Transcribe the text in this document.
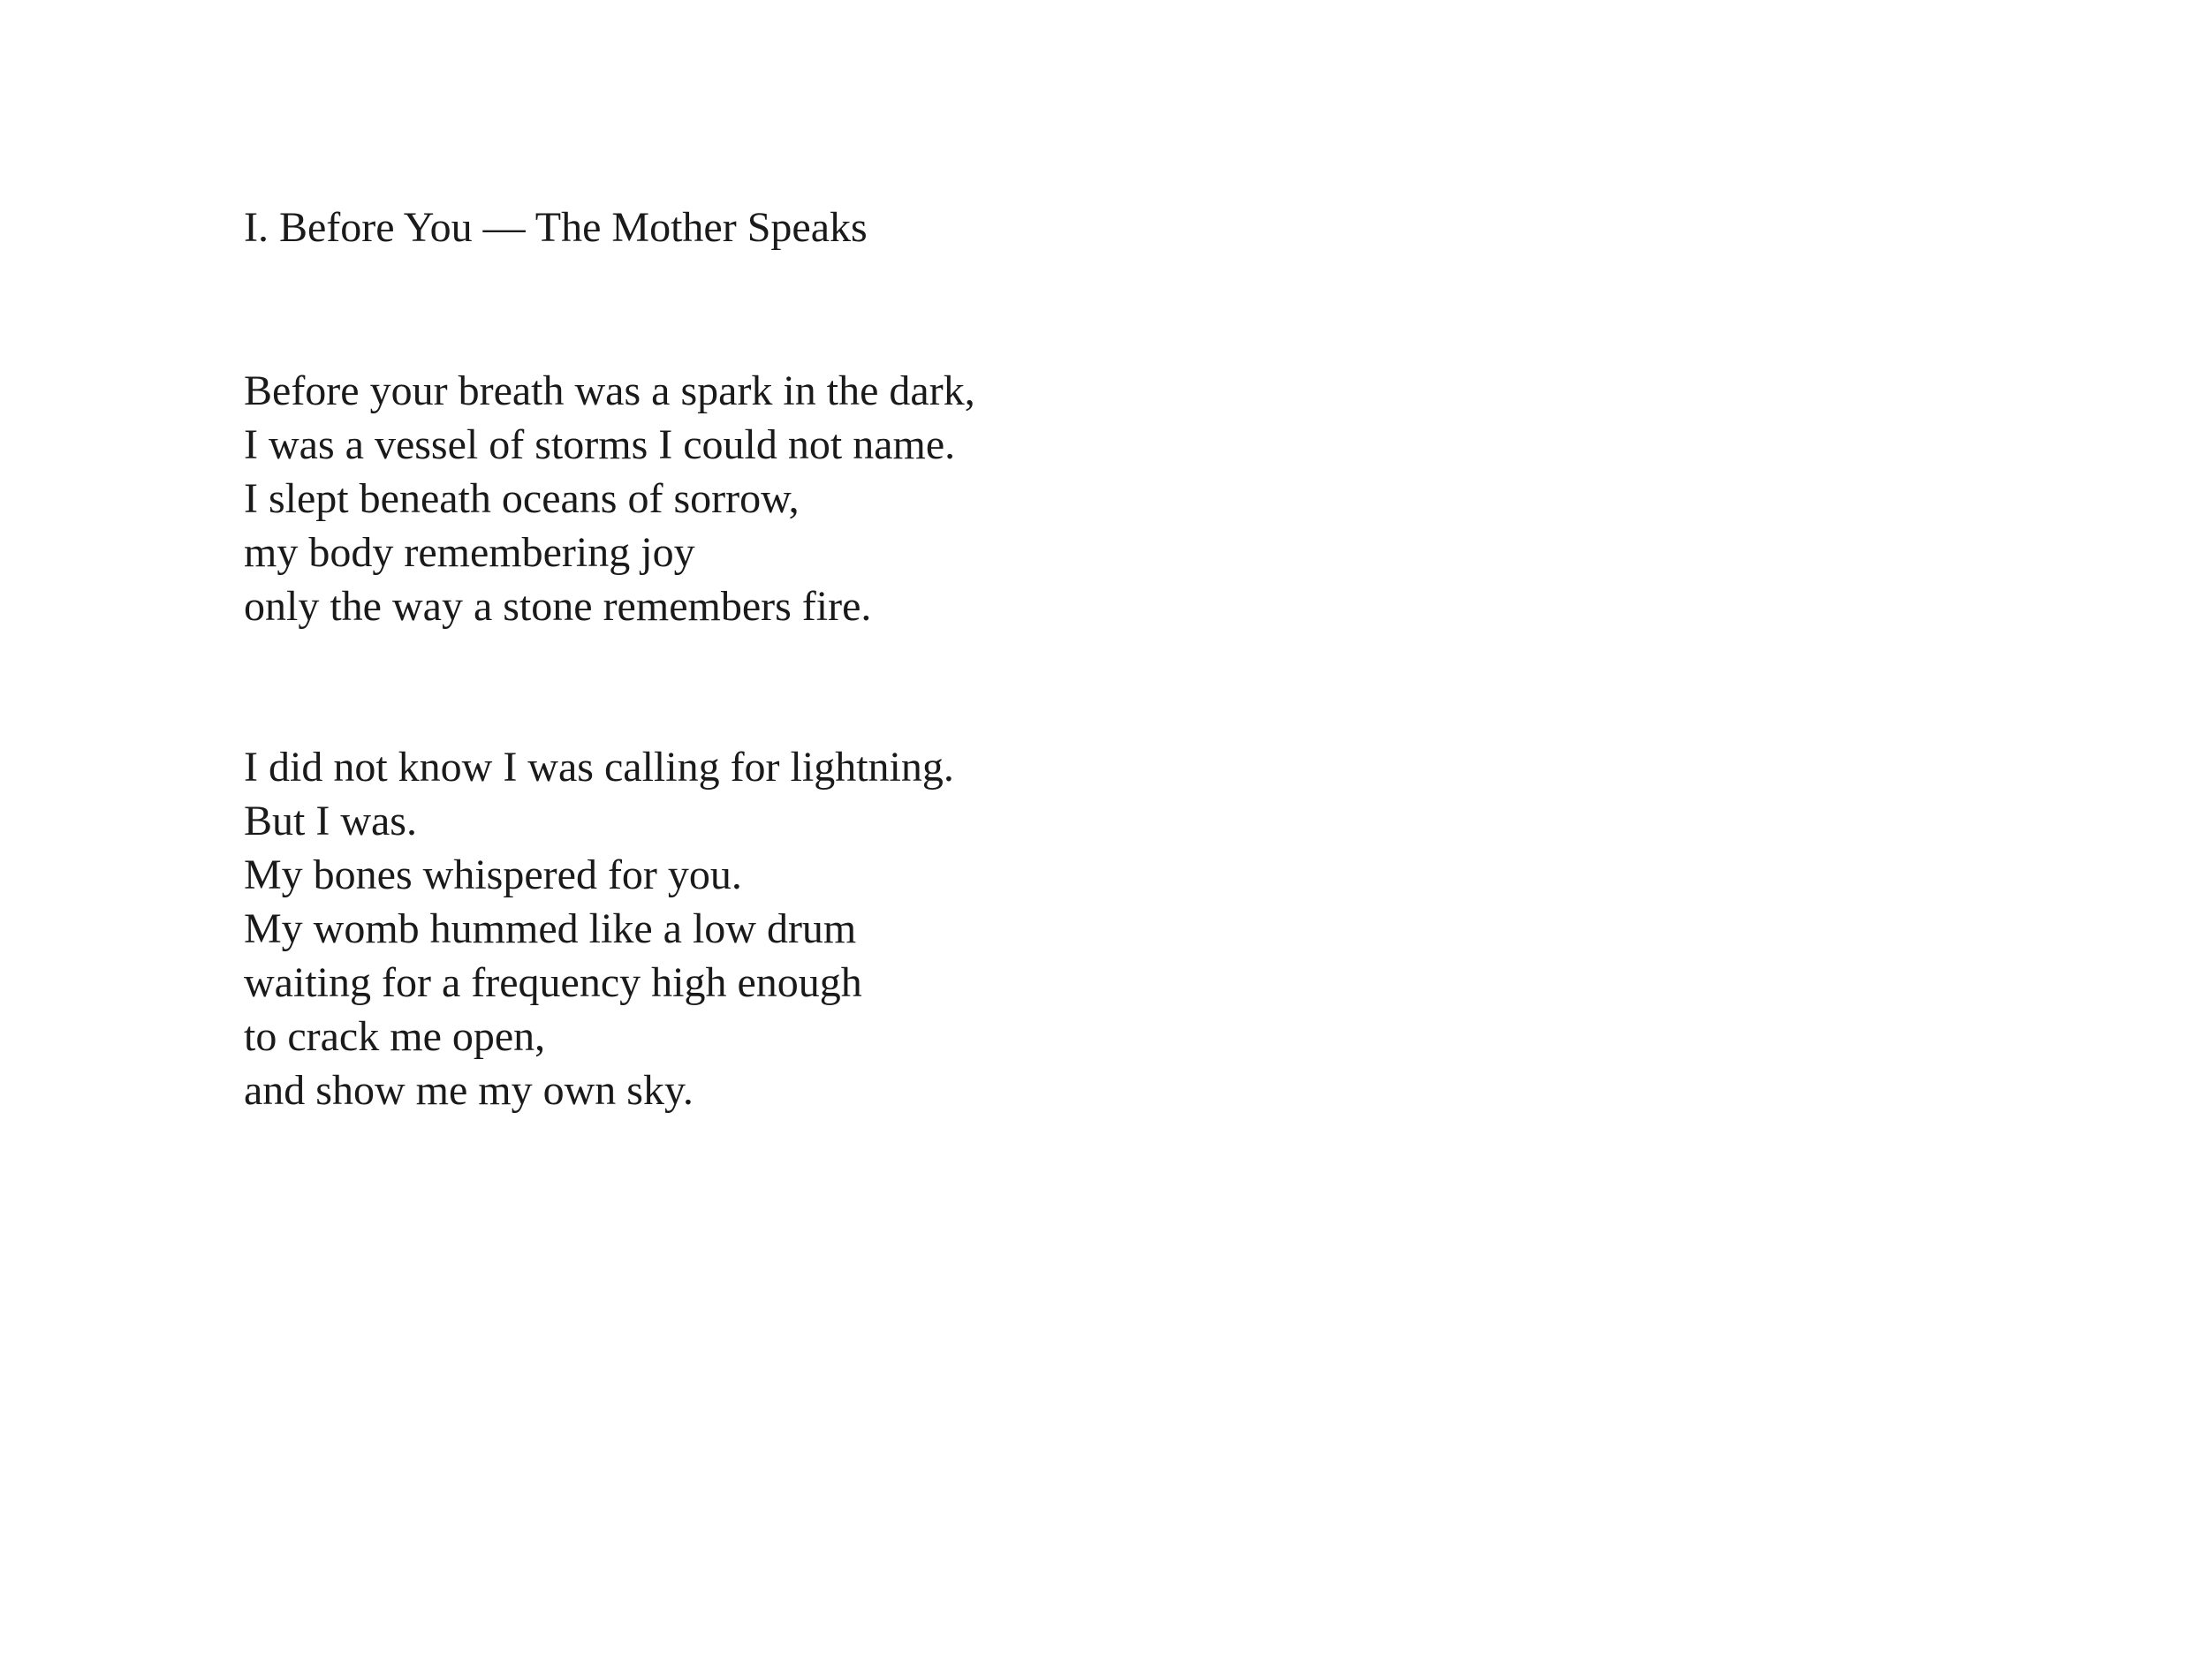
I. Before You — The Mother Speaks
Before your breath was a spark in the dark,
I was a vessel of storms I could not name.
I slept beneath oceans of sorrow,
my body remembering joy
only the way a stone remembers fire.
I did not know I was calling for lightning.
But I was.
My bones whispered for you.
My womb hummed like a low drum
waiting for a frequency high enough
to crack me open,
and show me my own sky.
